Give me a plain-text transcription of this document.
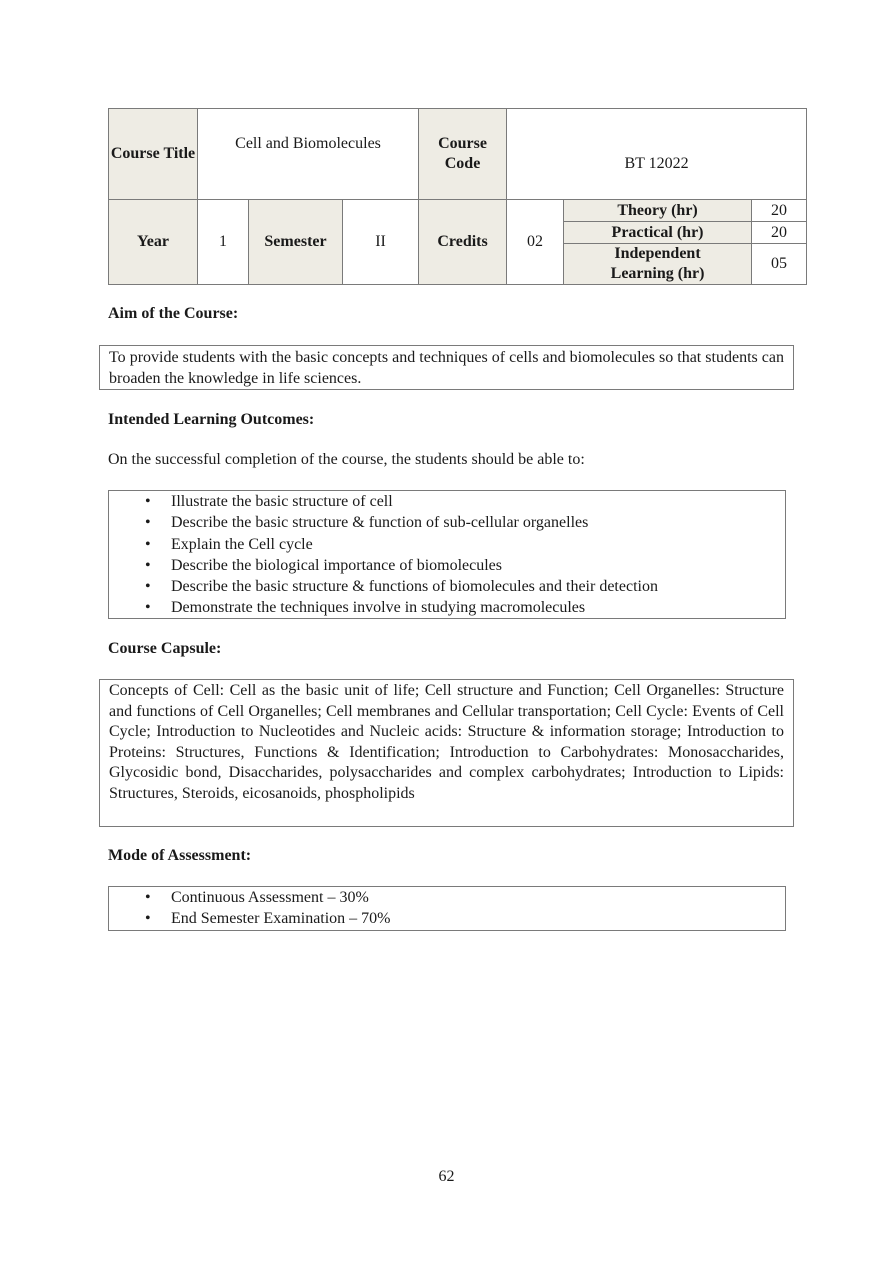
Course Title	Cell and Biomolecules			Course Code	BT 12022		
Year	1	Semester	II	Credits	02	Theory (hr)	20
						Practical (hr)	20
						Independent Learning (hr)	05
Aim of the Course:

To provide students with the basic concepts and techniques of cells and biomolecules so that students can broaden the knowledge in life sciences.

Intended Learning Outcomes:
On the successful completion of the course, the students should be able to:
• Illustrate the basic structure of cell
• Describe the basic structure & function of sub-cellular organelles
• Explain the Cell cycle
• Describe the biological importance of biomolecules
• Describe the basic structure & functions of biomolecules and their detection
• Demonstrate the techniques involve in studying macromolecules
Course Capsule:

Concepts of Cell: Cell as the basic unit of life; Cell structure and Function; Cell Organelles: Structure and functions of Cell Organelles; Cell membranes and Cellular transportation; Cell Cycle: Events of Cell Cycle; Introduction to Nucleotides and Nucleic acids: Structure & information storage; Introduction to Proteins: Structures, Functions & Identification; Introduction to Carbohydrates: Monosaccharides, Glycosidic bond, Disaccharides, polysaccharides and complex carbohydrates; Introduction to Lipids: Structures, Steroids, eicosanoids, phospholipids

Mode of Assessment:
• Continuous Assessment – 30%
• End Semester Examination – 70%
62
